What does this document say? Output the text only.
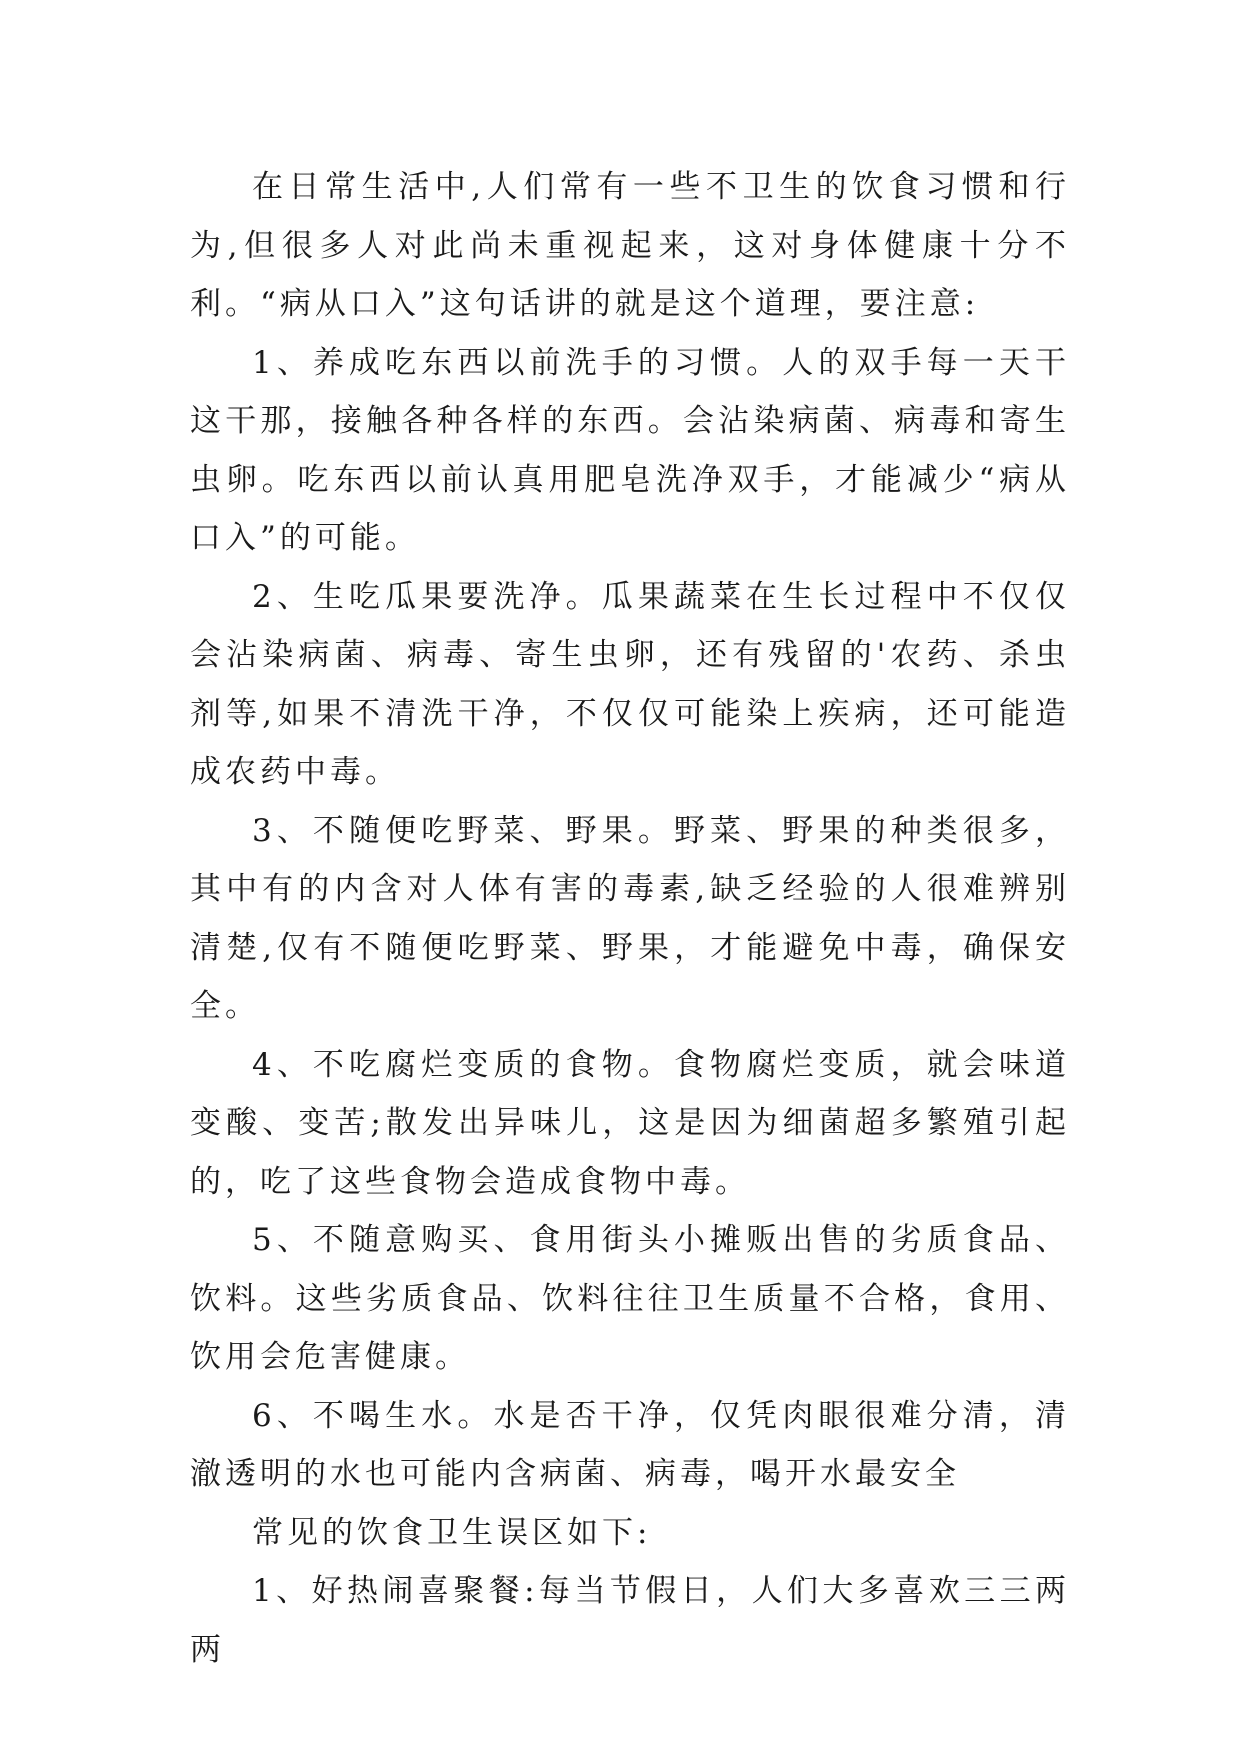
在日常生活中,人们常有一些不卫生的饮食习惯和行为,但很多人对此尚未重视起来，这对身体健康十分不利。“病从口入”这句话讲的就是这个道理，要注意:

1、养成吃东西以前洗手的习惯。人的双手每一天干这干那，接触各种各样的东西。会沾染病菌、病毒和寄生虫卵。吃东西以前认真用肥皂洗净双手，才能减少“病从口入”的可能。

2、生吃瓜果要洗净。瓜果蔬菜在生长过程中不仅仅会沾染病菌、病毒、寄生虫卵，还有残留的'农药、杀虫剂等,如果不清洗干净，不仅仅可能染上疾病，还可能造成农药中毒。

3、不随便吃野菜、野果。野菜、野果的种类很多，其中有的内含对人体有害的毒素,缺乏经验的人很难辨别清楚,仅有不随便吃野菜、野果，才能避免中毒，确保安全。

4、不吃腐烂变质的食物。食物腐烂变质，就会味道变酸、变苦;散发出异味儿，这是因为细菌超多繁殖引起的，吃了这些食物会造成食物中毒。

5、不随意购买、食用街头小摊贩出售的劣质食品、饮料。这些劣质食品、饮料往往卫生质量不合格，食用、饮用会危害健康。

6、不喝生水。水是否干净，仅凭肉眼很难分清，清澈透明的水也可能内含病菌、病毒，喝开水最安全

常见的饮食卫生误区如下:

1、好热闹喜聚餐:每当节假日，人们大多喜欢三三两两
